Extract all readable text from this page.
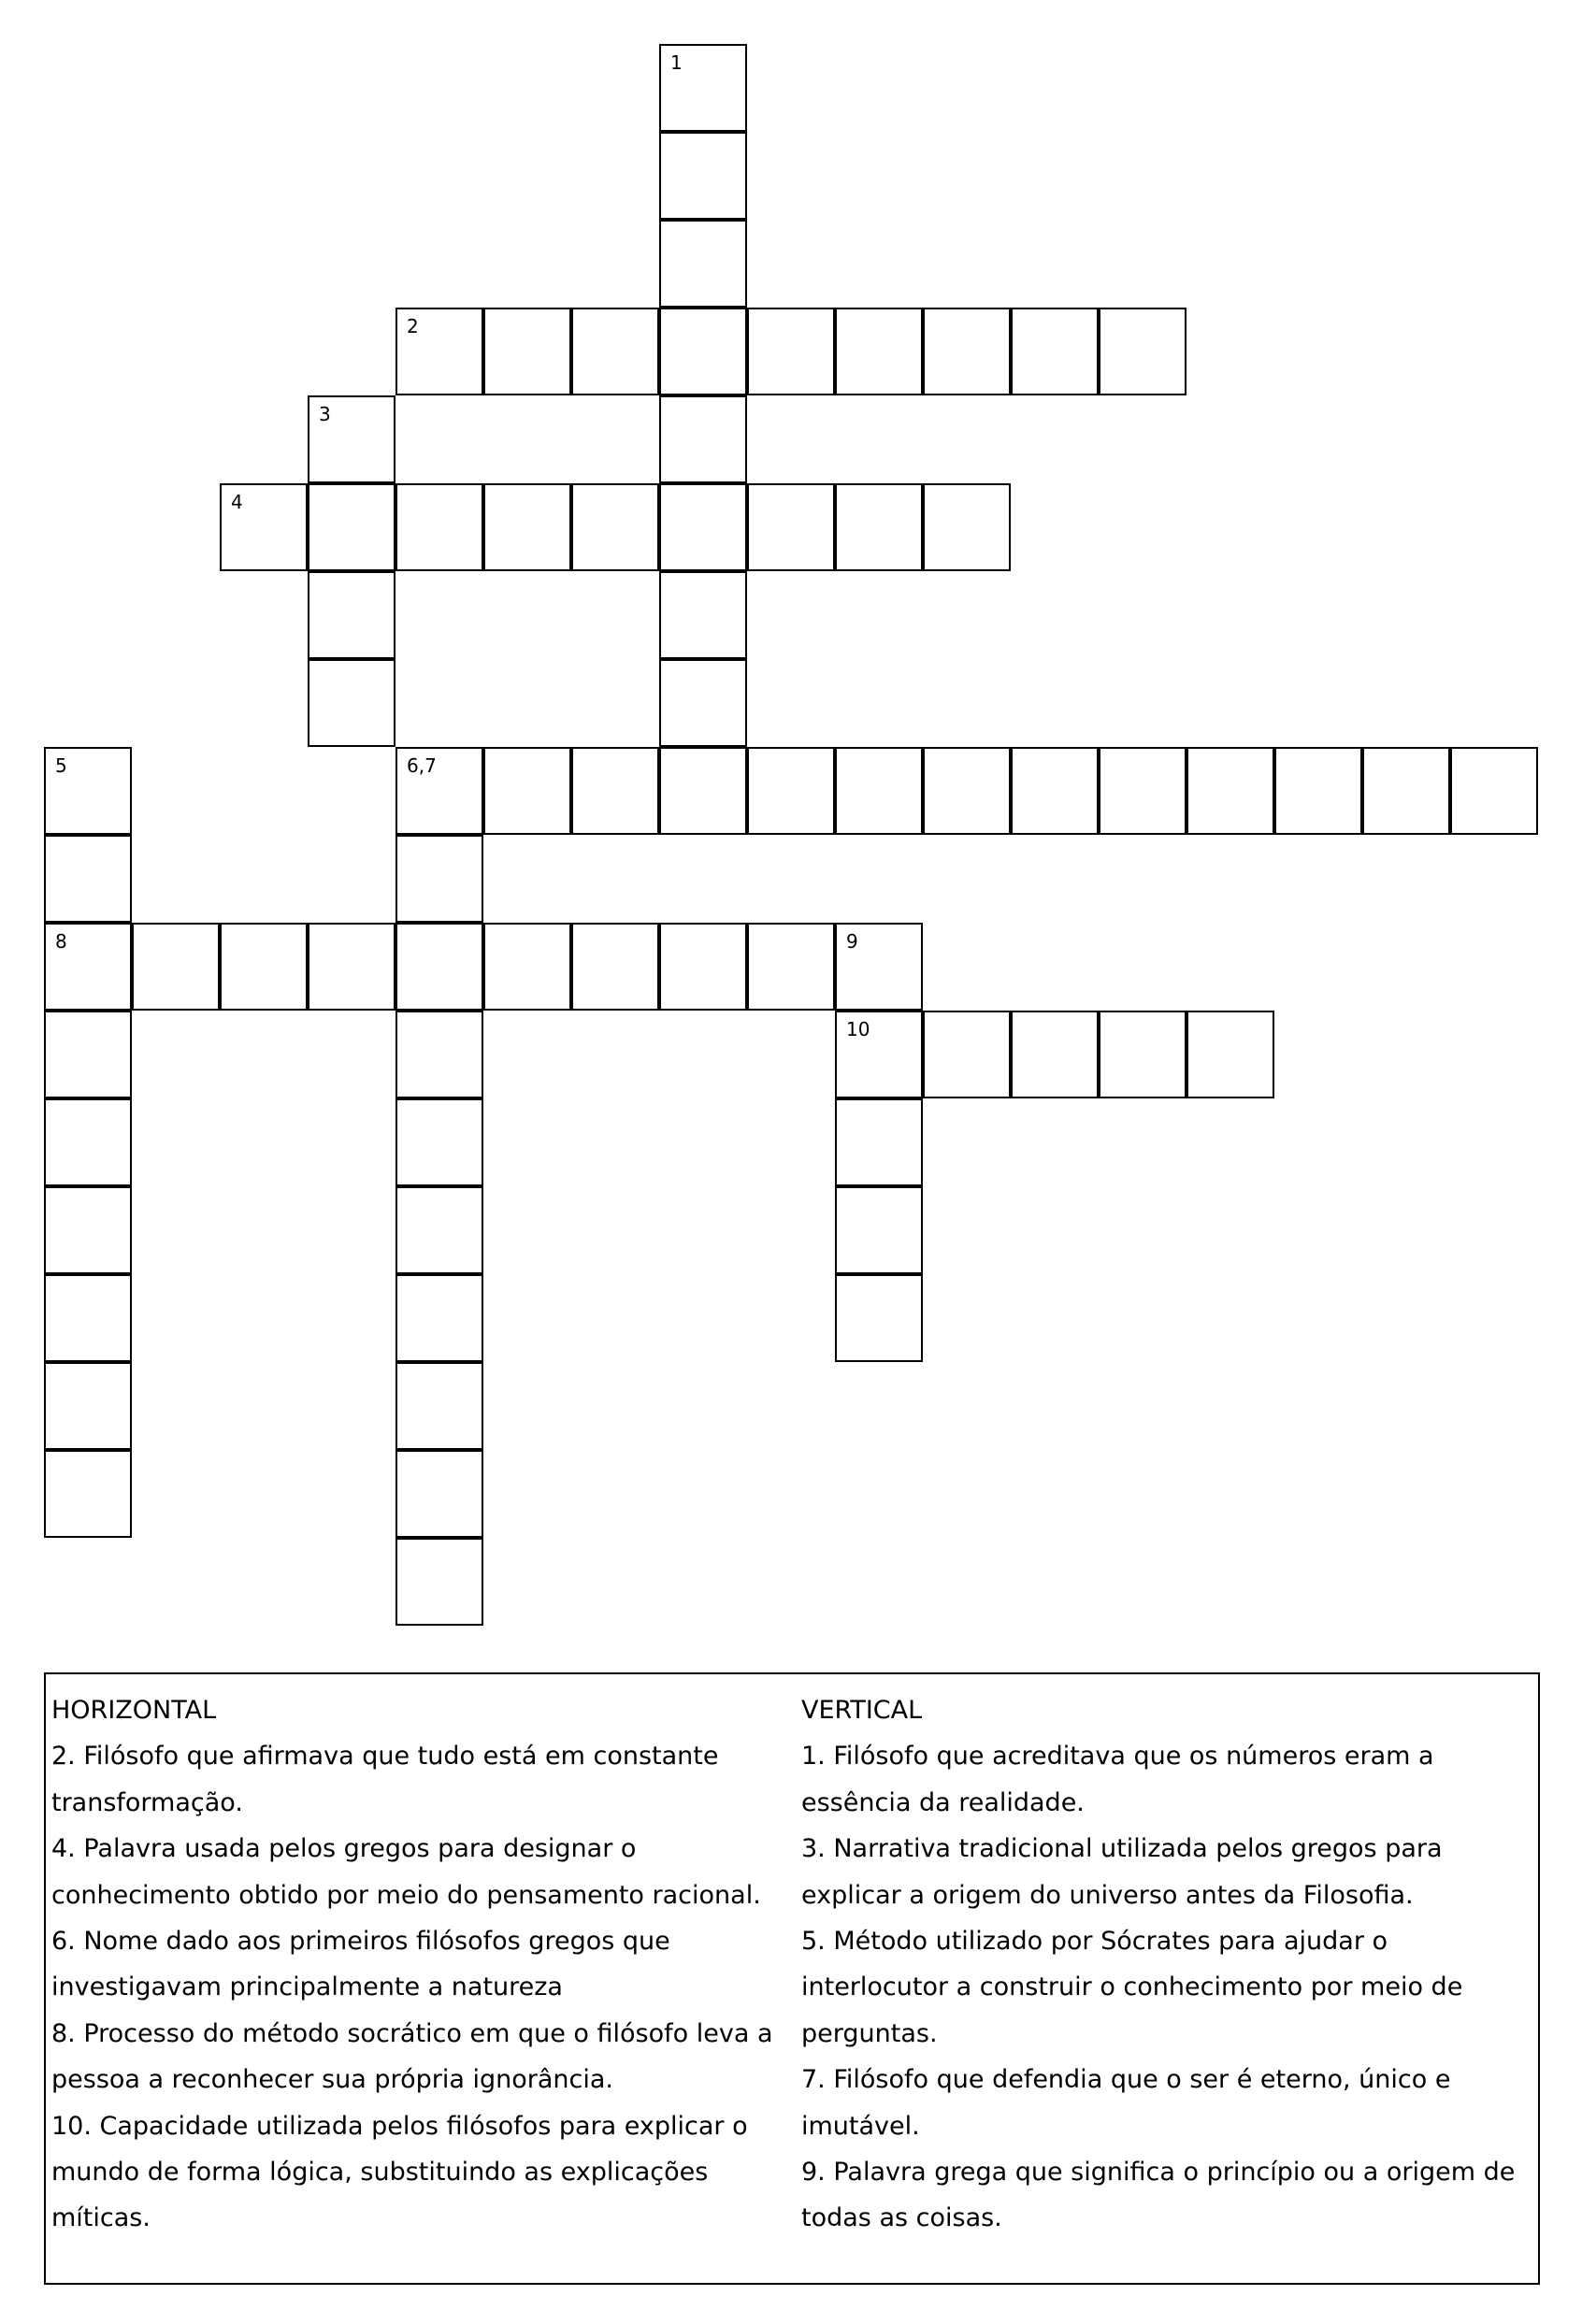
1
2
3
4
5	6,7
8	9
10

HORIZONTAL

2. Filósofo que afirmava que tudo está em constante

transformação.

4. Palavra usada pelos gregos para designar o

conhecimento obtido por meio do pensamento racional.

6. Nome dado aos primeiros filósofos gregos que

investigavam principalmente a natureza

8. Processo do método socrático em que o filósofo leva a

pessoa a reconhecer sua própria ignorância.

10. Capacidade utilizada pelos filósofos para explicar o

mundo de forma lógica, substituindo as explicações

míticas.

VERTICAL

1. Filósofo que acreditava que os números eram a

essência da realidade.

3. Narrativa tradicional utilizada pelos gregos para

explicar a origem do universo antes da Filosofia.

5. Método utilizado por Sócrates para ajudar o

interlocutor a construir o conhecimento por meio de

perguntas.

7. Filósofo que defendia que o ser é eterno, único e

imutável.

9. Palavra grega que significa o princípio ou a origem de

todas as coisas.
